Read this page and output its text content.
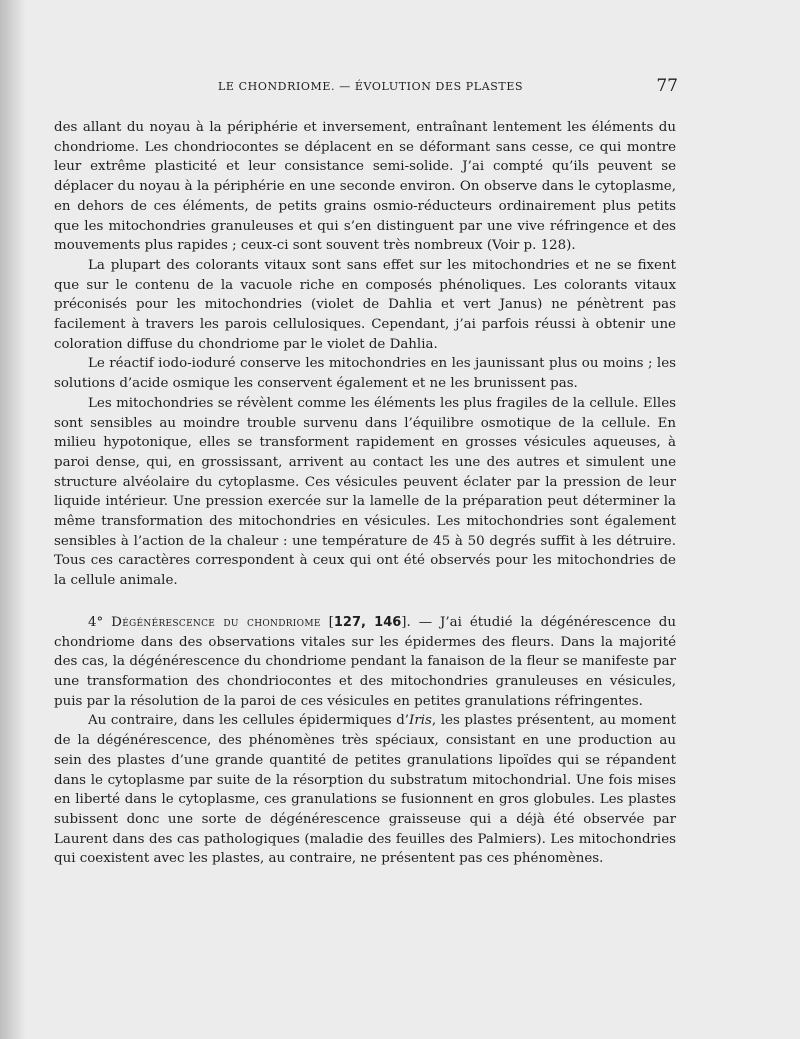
LE CHONDRIOME. — ÉVOLUTION DES PLASTES	77

des allant du noyau à la périphérie et inversement, entraînant lentement les éléments du chondriome. Les chondriocontes se déplacent en se déformant sans cesse, ce qui montre leur extrême plasticité et leur consistance semi-solide. J’ai compté qu’ils peuvent se déplacer du noyau à la périphérie en une seconde environ. On observe dans le cytoplasme, en dehors de ces éléments, de petits grains osmio-réducteurs ordinairement plus petits que les mitochondries granuleuses et qui s’en distinguent par une vive réfringence et des mouvements plus rapides ; ceux-ci sont souvent très nombreux (Voir p. 128).

La plupart des colorants vitaux sont sans effet sur les mitochondries et ne se fixent que sur le contenu de la vacuole riche en composés phénoliques. Les colorants vitaux préconisés pour les mitochondries (violet de Dahlia et vert Janus) ne pénètrent pas facilement à travers les parois cellulosiques. Cependant, j’ai parfois réussi à obtenir une coloration diffuse du chondriome par le violet de Dahlia.

Le réactif iodo-ioduré conserve les mitochondries en les jaunissant plus ou moins ; les solutions d’acide osmique les conservent également et ne les brunissent pas.

Les mitochondries se révèlent comme les éléments les plus fragiles de la cellule. Elles sont sensibles au moindre trouble survenu dans l’équilibre osmotique de la cellule. En milieu hypotonique, elles se transforment rapidement en grosses vésicules aqueuses, à paroi dense, qui, en grossissant, arrivent au contact les une des autres et simulent une structure alvéolaire du cytoplasme. Ces vésicules peuvent éclater par la pression de leur liquide intérieur. Une pression exercée sur la lamelle de la préparation peut déterminer la même transformation des mitochondries en vésicules. Les mitochondries sont également sensibles à l’action de la chaleur : une température de 45 à 50 degrés suffit à les détruire. Tous ces caractères correspondent à ceux qui ont été observés pour les mitochondries de la cellule animale.

4° Dégénérescence du chondriome [127, 146]. — J’ai étudié la dégénérescence du chondriome dans des observations vitales sur les épidermes des fleurs. Dans la majorité des cas, la dégénérescence du chondriome pendant la fanaison de la fleur se manifeste par une transformation des chondriocontes et des mitochondries granuleuses en vésicules, puis par la résolution de la paroi de ces vésicules en petites granulations réfringentes.

Au contraire, dans les cellules épidermiques d’Iris, les plastes présentent, au moment de la dégénérescence, des phénomènes très spéciaux, consistant en une production au sein des plastes d’une grande quantité de petites granulations lipoïdes qui se répandent dans le cytoplasme par suite de la résorption du substratum mitochondrial. Une fois mises en liberté dans le cytoplasme, ces granulations se fusionnent en gros globules. Les plastes subissent donc une sorte de dégénérescence graisseuse qui a déjà été observée par Laurent dans des cas pathologiques (maladie des feuilles des Palmiers). Les mitochondries qui coexistent avec les plastes, au contraire, ne présentent pas ces phénomènes.
